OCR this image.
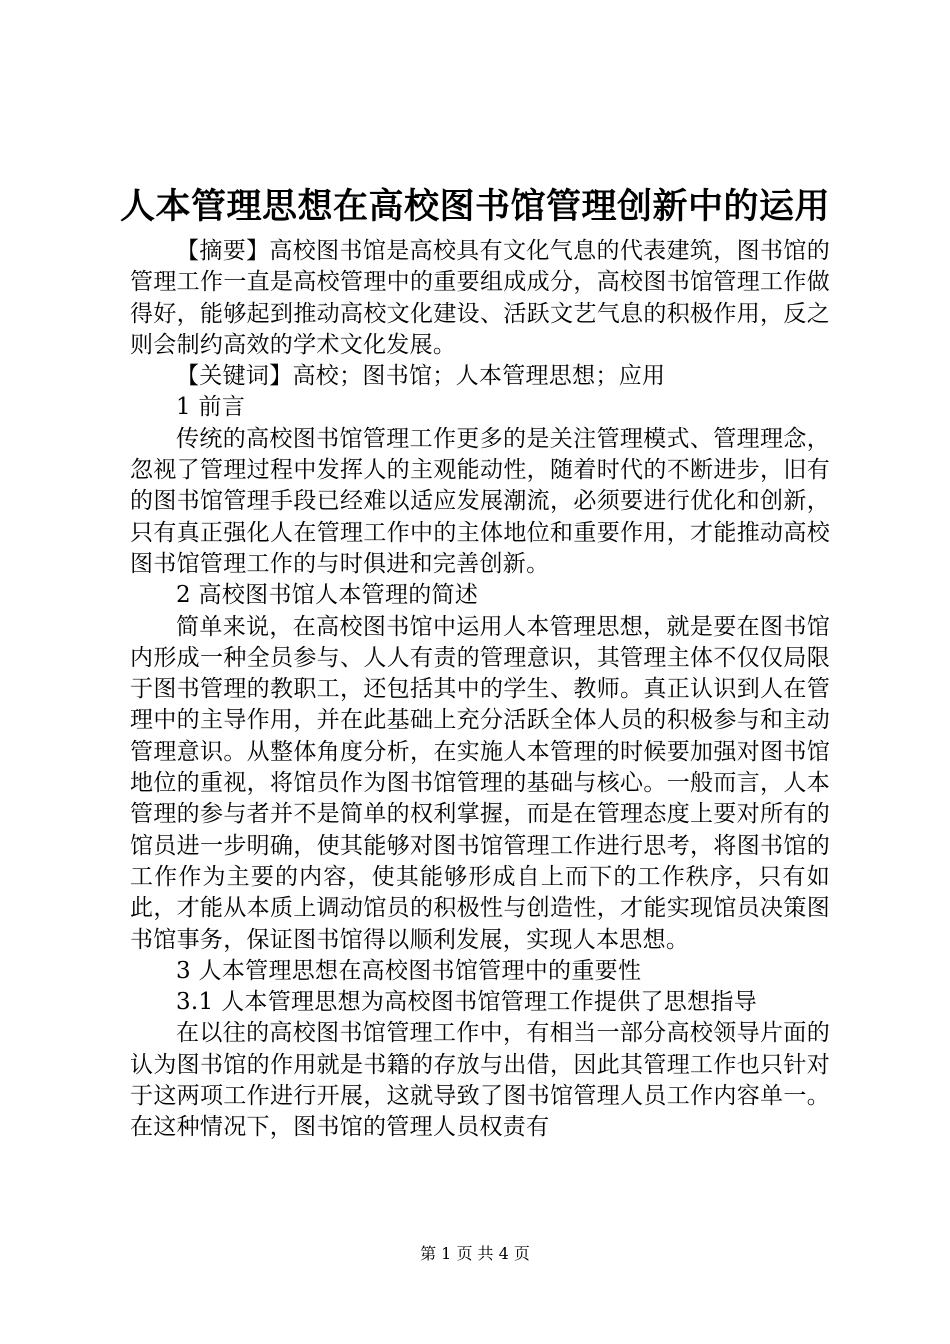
人本管理思想在高校图书馆管理创新中的运用

【摘要】高校图书馆是高校具有文化气息的代表建筑，图书馆的管理工作一直是高校管理中的重要组成成分，高校图书馆管理工作做得好，能够起到推动高校文化建设、活跃文艺气息的积极作用，反之则会制约高效的学术文化发展。

【关键词】高校；图书馆；人本管理思想；应用

1 前言

传统的高校图书馆管理工作更多的是关注管理模式、管理理念，忽视了管理过程中发挥人的主观能动性，随着时代的不断进步，旧有的图书馆管理手段已经难以适应发展潮流，必须要进行优化和创新，只有真正强化人在管理工作中的主体地位和重要作用，才能推动高校图书馆管理工作的与时俱进和完善创新。

2 高校图书馆人本管理的简述

简单来说，在高校图书馆中运用人本管理思想，就是要在图书馆内形成一种全员参与、人人有责的管理意识，其管理主体不仅仅局限于图书管理的教职工，还包括其中的学生、教师。真正认识到人在管理中的主导作用，并在此基础上充分活跃全体人员的积极参与和主动管理意识。从整体角度分析，在实施人本管理的时候要加强对图书馆地位的重视，将馆员作为图书馆管理的基础与核心。一般而言，人本管理的参与者并不是简单的权利掌握，而是在管理态度上要对所有的馆员进一步明确，使其能够对图书馆管理工作进行思考，将图书馆的工作作为主要的内容，使其能够形成自上而下的工作秩序，只有如此，才能从本质上调动馆员的积极性与创造性，才能实现馆员决策图书馆事务，保证图书馆得以顺利发展，实现人本思想。

3 人本管理思想在高校图书馆管理中的重要性

3.1 人本管理思想为高校图书馆管理工作提供了思想指导

在以往的高校图书馆管理工作中，有相当一部分高校领导片面的认为图书馆的作用就是书籍的存放与出借，因此其管理工作也只针对于这两项工作进行开展，这就导致了图书馆管理人员工作内容单一。在这种情况下，图书馆的管理人员权责有

第 1 页 共 4 页
